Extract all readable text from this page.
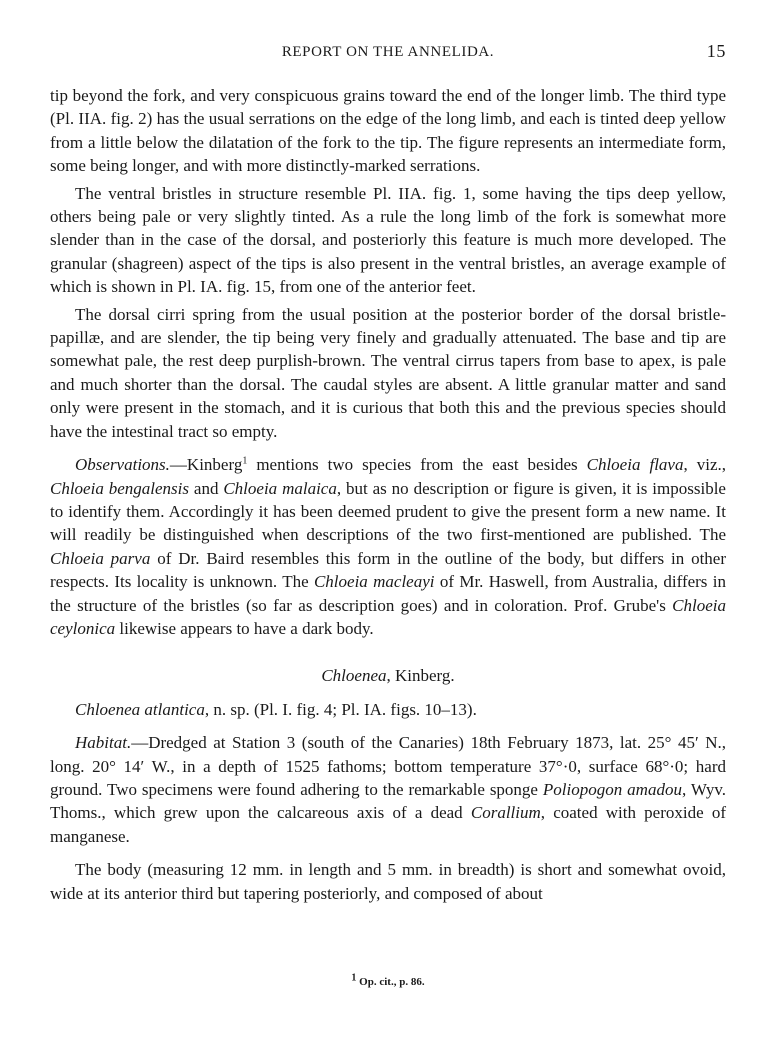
REPORT ON THE ANNELIDA.	15

tip beyond the fork, and very conspicuous grains toward the end of the longer limb. The third type (Pl. IIA. fig. 2) has the usual serrations on the edge of the long limb, and each is tinted deep yellow from a little below the dilatation of the fork to the tip. The figure represents an intermediate form, some being longer, and with more distinctly-marked serrations.

The ventral bristles in structure resemble Pl. IIA. fig. 1, some having the tips deep yellow, others being pale or very slightly tinted. As a rule the long limb of the fork is somewhat more slender than in the case of the dorsal, and posteriorly this feature is much more developed. The granular (shagreen) aspect of the tips is also present in the ventral bristles, an average example of which is shown in Pl. IA. fig. 15, from one of the anterior feet.

The dorsal cirri spring from the usual position at the posterior border of the dorsal bristle-papillæ, and are slender, the tip being very finely and gradually attenuated. The base and tip are somewhat pale, the rest deep purplish-brown. The ventral cirrus tapers from base to apex, is pale and much shorter than the dorsal. The caudal styles are absent. A little granular matter and sand only were present in the stomach, and it is curious that both this and the previous species should have the intestinal tract so empty.

Observations.—Kinberg$^1$ mentions two species from the east besides Chloeia flava, viz., Chloeia bengalensis and Chloeia malaica, but as no description or figure is given, it is impossible to identify them. Accordingly it has been deemed prudent to give the present form a new name. It will readily be distinguished when descriptions of the two first-mentioned are published. The Chloeia parva of Dr. Baird resembles this form in the outline of the body, but differs in other respects. Its locality is unknown. The Chloeia macleayi of Mr. Haswell, from Australia, differs in the structure of the bristles (so far as description goes) and in coloration. Prof. Grube's Chloeia ceylonica likewise appears to have a dark body.

Chloenea, Kinberg.

Chloenea atlantica, n. sp. (Pl. I. fig. 4; Pl. IA. figs. 10–13).

Habitat.—Dredged at Station 3 (south of the Canaries) 18th February 1873, lat. 25° 45′ N., long. 20° 14′ W., in a depth of 1525 fathoms; bottom temperature 37°·0, surface 68°·0; hard ground. Two specimens were found adhering to the remarkable sponge Poliopogon amadou, Wyv. Thoms., which grew upon the calcareous axis of a dead Corallium, coated with peroxide of manganese.

The body (measuring 12 mm. in length and 5 mm. in breadth) is short and somewhat ovoid, wide at its anterior third but tapering posteriorly, and composed of about

$^1$ Op. cit., p. 86.
